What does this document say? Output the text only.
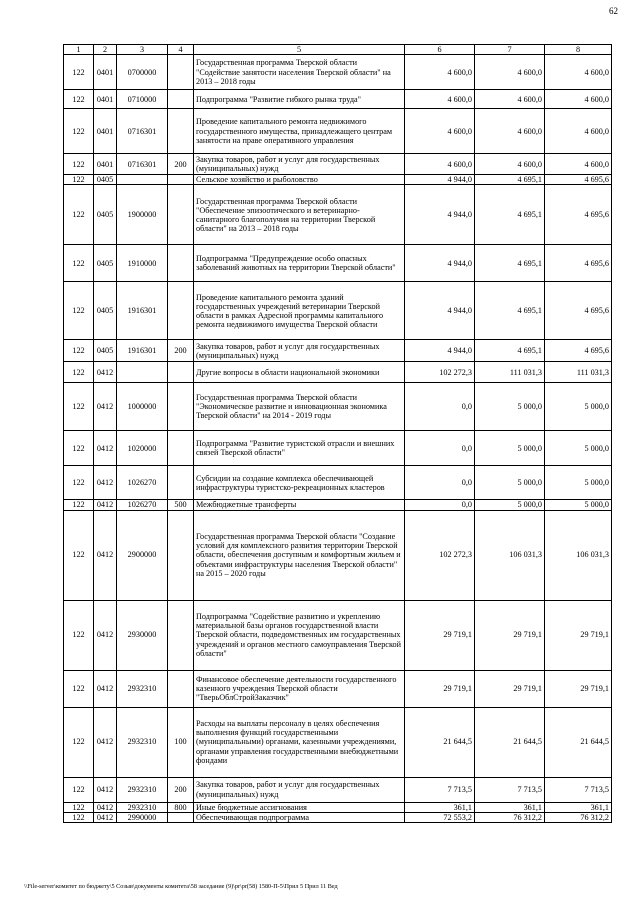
62
1	2	3	4	5	6	7	8
122	0401	0700000		Государственная программа Тверской области "Содействие занятости населения Тверской области" на 2013 – 2018 годы	4 600,0	4 600,0	4 600,0
122	0401	0710000		Подпрограмма "Развитие гибкого рынка труда"	4 600,0	4 600,0	4 600,0
122	0401	0716301		Проведение капитального ремонта недвижимого государственного имущества, принадлежащего центрам занятости на праве оперативного управления	4 600,0	4 600,0	4 600,0
122	0401	0716301	200	Закупка товаров, работ и услуг для государственных (муниципальных) нужд	4 600,0	4 600,0	4 600,0
122	0405			Сельское хозяйство и рыболовство	4 944,0	4 695,1	4 695,6
122	0405	1900000		Государственная программа Тверской области "Обеспечение эпизоотического и ветеринарно-санитарного благополучия на территории Тверской области" на 2013 – 2018 годы	4 944,0	4 695,1	4 695,6
122	0405	1910000		Подпрограмма "Предупреждение особо опасных заболеваний животных на территории Тверской области"	4 944,0	4 695,1	4 695,6
122	0405	1916301		Проведение капитального ремонта зданий государственных учреждений ветеринарии Тверской области в рамках Адресной программы капитального ремонта недвижимого имущества Тверской области	4 944,0	4 695,1	4 695,6
122	0405	1916301	200	Закупка товаров, работ и услуг для государственных (муниципальных) нужд	4 944,0	4 695,1	4 695,6
122	0412			Другие вопросы в области национальной экономики	102 272,3	111 031,3	111 031,3
122	0412	1000000		Государственная программа Тверской области "Экономическое развитие и инновационная экономика Тверской области" на 2014 - 2019 годы	0,0	5 000,0	5 000,0
122	0412	1020000		Подпрограмма "Развитие туристской отрасли и внешних связей Тверской области"	0,0	5 000,0	5 000,0
122	0412	1026270		Субсидии на создание комплекса обеспечивающей инфраструктуры туристско-рекреационных кластеров	0,0	5 000,0	5 000,0
122	0412	1026270	500	Межбюджетные трансферты	0,0	5 000,0	5 000,0
122	0412	2900000		Государственная программа Тверской области "Создание условий для комплексного развития территории Тверской области, обеспечения доступным и комфортным жильем и объектами инфраструктуры населения Тверской области" на 2015 – 2020 годы	102 272,3	106 031,3	106 031,3
122	0412	2930000		Подпрограмма "Содействие развитию и укреплению материальной базы органов государственной власти Тверской области, подведомственных им государственных учреждений и органов местного самоуправления Тверской области"	29 719,1	29 719,1	29 719,1
122	0412	2932310		Финансовое обеспечение деятельности государственного казенного учреждения Тверской области "ТверьОблСтройЗаказчик"	29 719,1	29 719,1	29 719,1
122	0412	2932310	100	Расходы на выплаты персоналу в целях обеспечения выполнения функций государственными (муниципальными) органами, казенными учреждениями, органами управления государственными внебюджетными фондами	21 644,5	21 644,5	21 644,5
122	0412	2932310	200	Закупка товаров, работ и услуг для государственных (муниципальных) нужд	7 713,5	7 713,5	7 713,5
122	0412	2932310	800	Иные бюджетные ассигнования	361,1	361,1	361,1
122	0412	2990000		Обеспечивающая подпрограмма	72 553,2	76 312,2	76 312,2
\\File-server\комитет по бюджету\5 Созыв\документы комитета\58 заседание (9)\pr\pr(58) 1580-П-5\Прил 5 Прил 11 Вед
